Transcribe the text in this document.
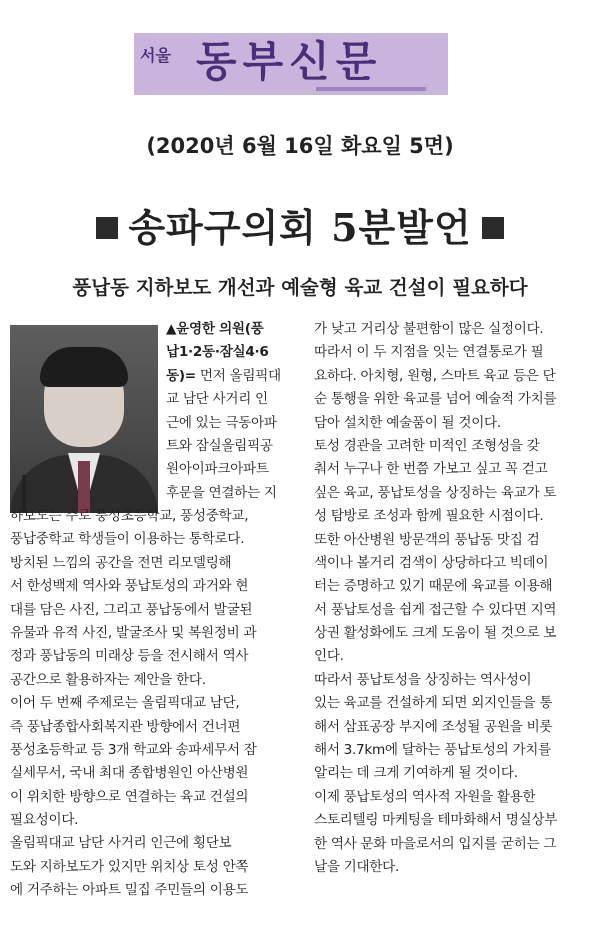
서울 동부신문
(2020년 6월 16일 화요일 5면)
송파구의회 5분발언
풍납동 지하보도 개선과 예술형 육교 건설이 필요하다
▲윤영한 의원(풍
납1·2동·잠실4·6
동)= 먼저 올림픽대
교 남단 사거리 인
근에 있는 극동아파
트와 잠실올림픽공
원아이파크아파트
후문을 연결하는 지
하보도는 주로 풍성초등학교, 풍성중학교,
풍납중학교 학생들이 이용하는 통학로다.
방치된 느낌의 공간을 전면 리모델링해
서 한성백제 역사와 풍납토성의 과거와 현
대를 담은 사진, 그리고 풍납동에서 발굴된
유물과 유적 사진, 발굴조사 및 복원정비 과
정과 풍납동의 미래상 등을 전시해서 역사
공간으로 활용하자는 제안을 한다.
이어 두 번째 주제로는 올림픽대교 남단,
즉 풍납종합사회복지관 방향에서 건너편
풍성초등학교 등 3개 학교와 송파세무서 잠
실세무서, 국내 최대 종합병원인 아산병원
이 위치한 방향으로 연결하는 육교 건설의
필요성이다.
올림픽대교 남단 사거리 인근에 횡단보
도와 지하보도가 있지만 위치상 토성 안쪽
에 거주하는 아파트 밀집 주민들의 이용도
가 낮고 거리상 불편함이 많은 실정이다.
따라서 이 두 지점을 잇는 연결통로가 필
요하다. 아치형, 원형, 스마트 육교 등은 단
순 통행을 위한 육교를 넘어 예술적 가치를
담아 설치한 예술품이 될 것이다.
토성 경관을 고려한 미적인 조형성을 갖
춰서 누구나 한 번쯤 가보고 싶고 꼭 걷고
싶은 육교, 풍납토성을 상징하는 육교가 토
성 탐방로 조성과 함께 필요한 시점이다.
또한 아산병원 방문객의 풍납동 맛집 검
색이나 볼거리 검색이 상당하다고 빅데이
터는 증명하고 있기 때문에 육교를 이용해
서 풍납토성을 쉽게 접근할 수 있다면 지역
상권 활성화에도 크게 도움이 될 것으로 보
인다.
따라서 풍납토성을 상징하는 역사성이
있는 육교를 건설하게 되면 외지인들을 통
해서 삼표공장 부지에 조성될 공원을 비롯
해서 3.7km에 달하는 풍납토성의 가치를
알리는 데 크게 기여하게 될 것이다.
이제 풍납토성의 역사적 자원을 활용한
스토리텔링 마케팅을 테마화해서 명실상부
한 역사 문화 마을로서의 입지를 굳히는 그
날을 기대한다.
